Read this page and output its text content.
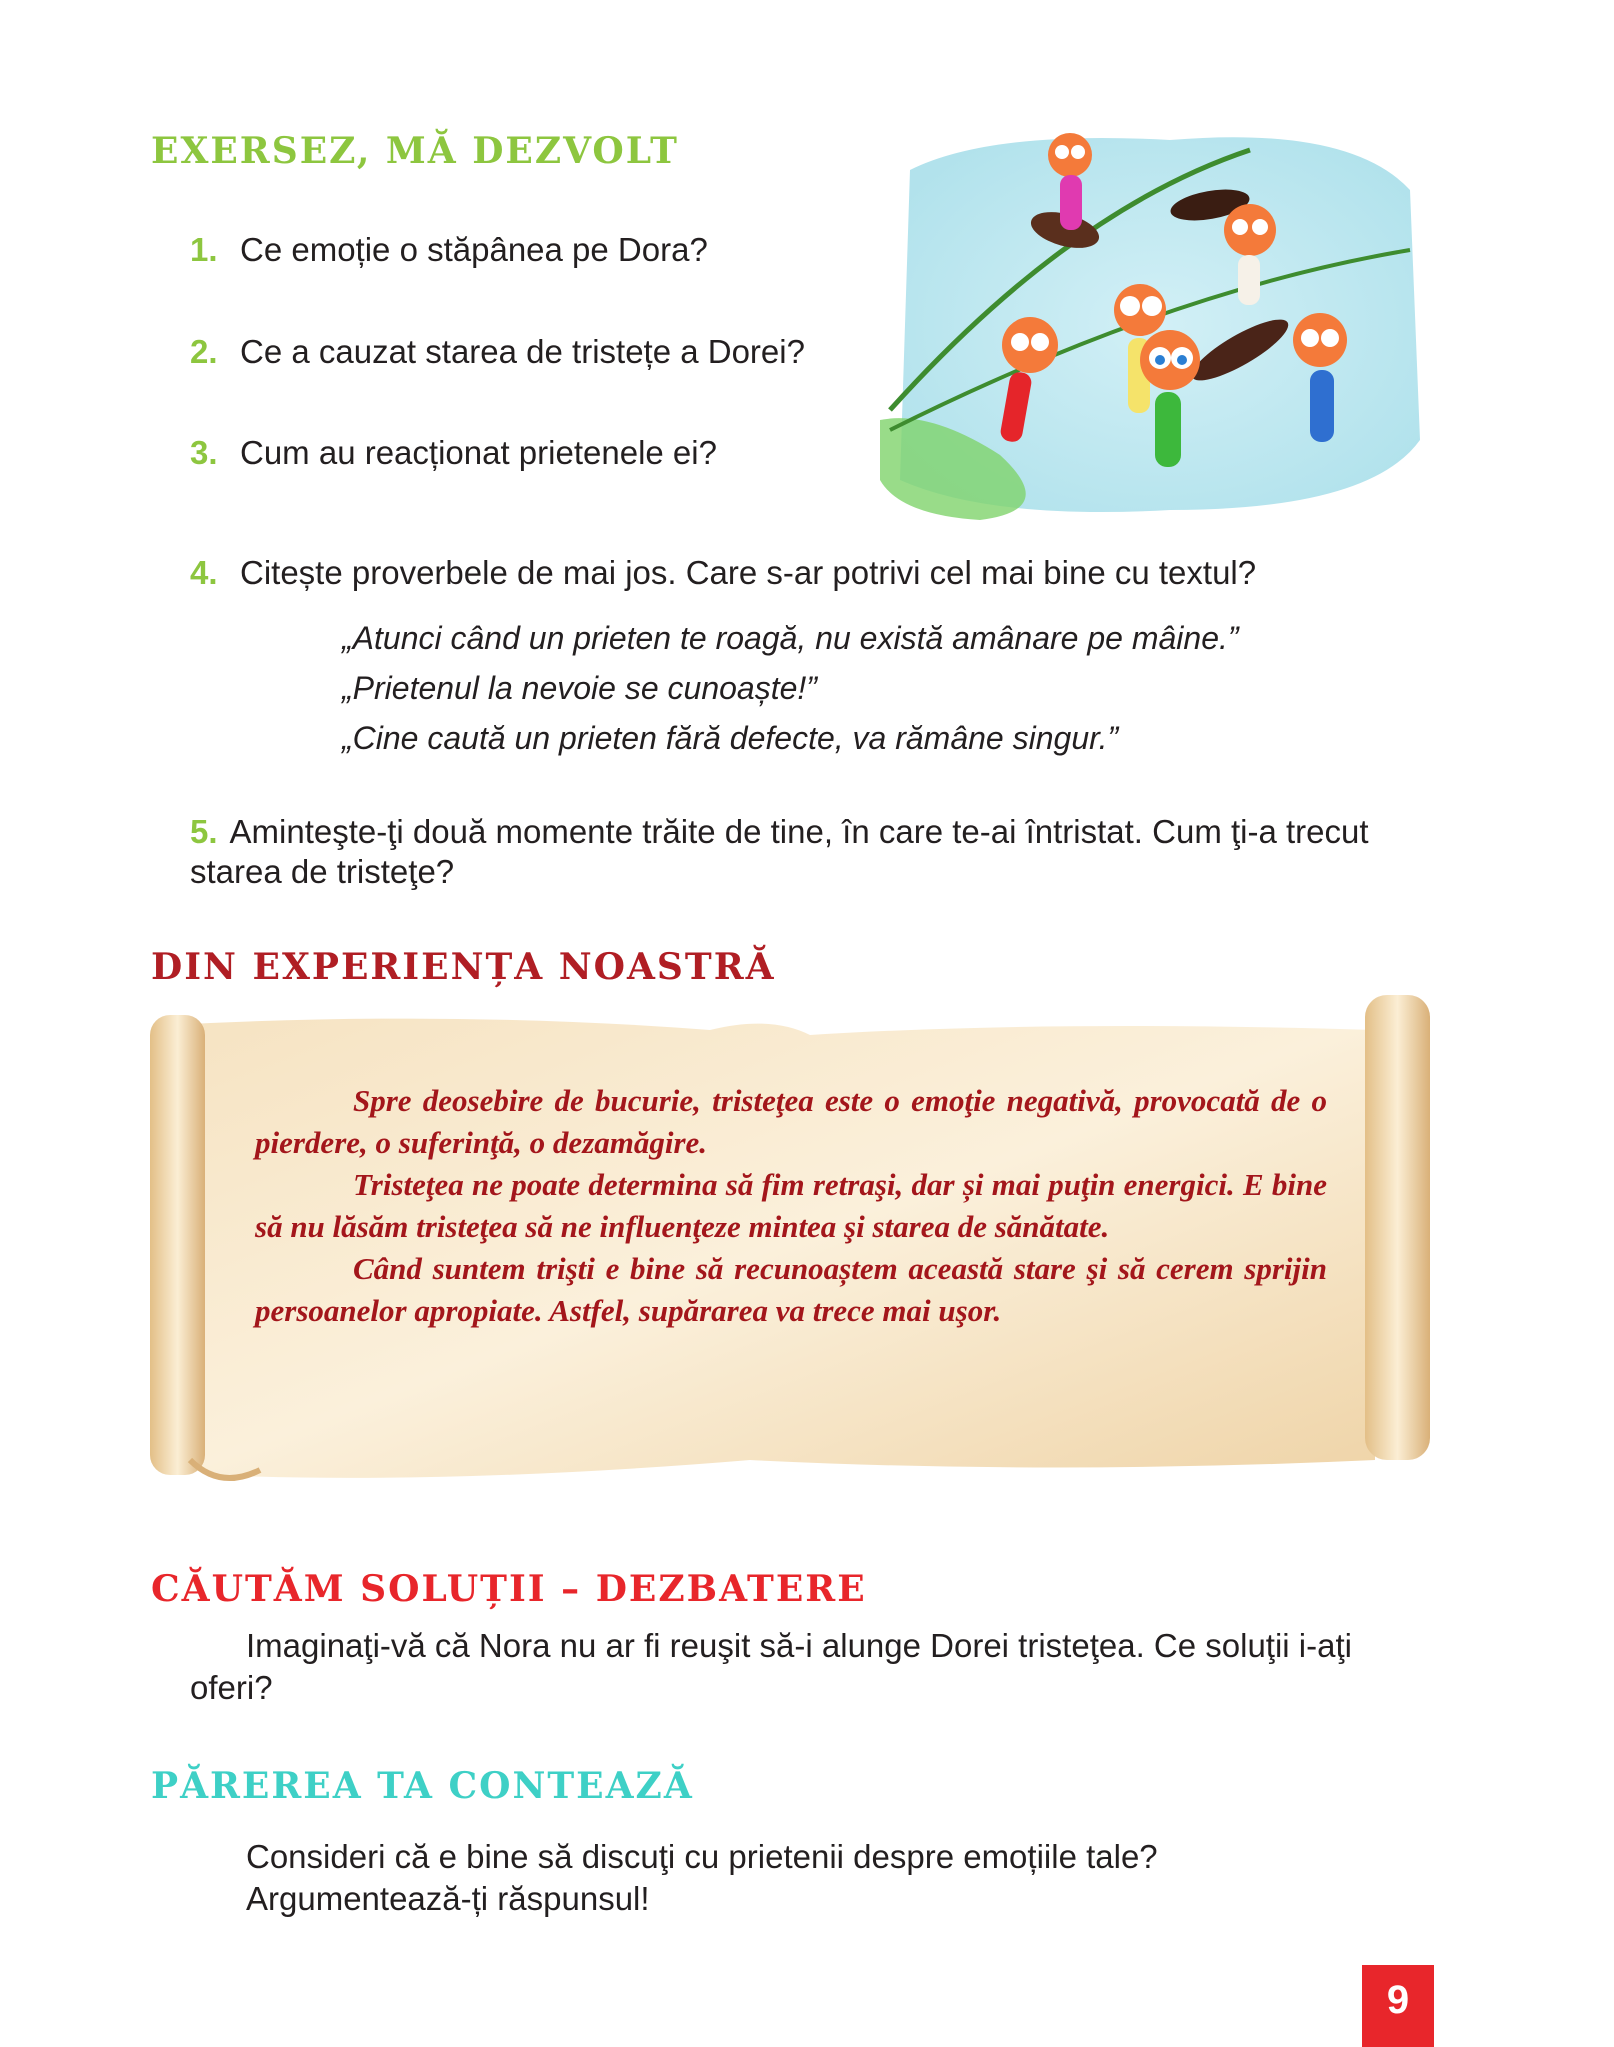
EXERSEZ, MĂ DEZVOLT
1. Ce emoție o stăpânea pe Dora?
2. Ce a cauzat starea de tristețe a Dorei?
3. Cum au reacționat prietenele ei?
4. Citește proverbele de mai jos. Care s-ar potrivi cel mai bine cu textul?
„Atunci când un prieten te roagă, nu există amânare pe mâine.”
„Prietenul la nevoie se cunoaște!”
„Cine caută un prieten fără defecte, va rămâne singur.”
5. Aminteşte-ţi două momente trăite de tine, în care te-ai întristat. Cum ţi-a trecut starea de tristeţe?
DIN EXPERIENȚA NOASTRĂ

Spre deosebire de bucurie, tristeţea este o emoţie negativă, provocată de o pierdere, o suferinţă, o dezamăgire.

Tristeţea ne poate determina să fim retraşi, dar și mai puţin energici. E bine să nu lăsăm tristeţea să ne influenţeze mintea şi starea de sănătate.

Când suntem trişti e bine să recunoaștem această stare şi să cerem sprijin persoanelor apropiate. Astfel, supărarea va trece mai uşor.

CĂUTĂM SOLUȚII – DEZBATERE

Imaginaţi-vă că Nora nu ar fi reuşit să-i alunge Dorei tristeţea. Ce soluţii i-aţi oferi?

PĂREREA TA CONTEAZĂ
Consideri că e bine să discuţi cu prietenii despre emoțiile tale?
Argumentează-ți răspunsul!
9
